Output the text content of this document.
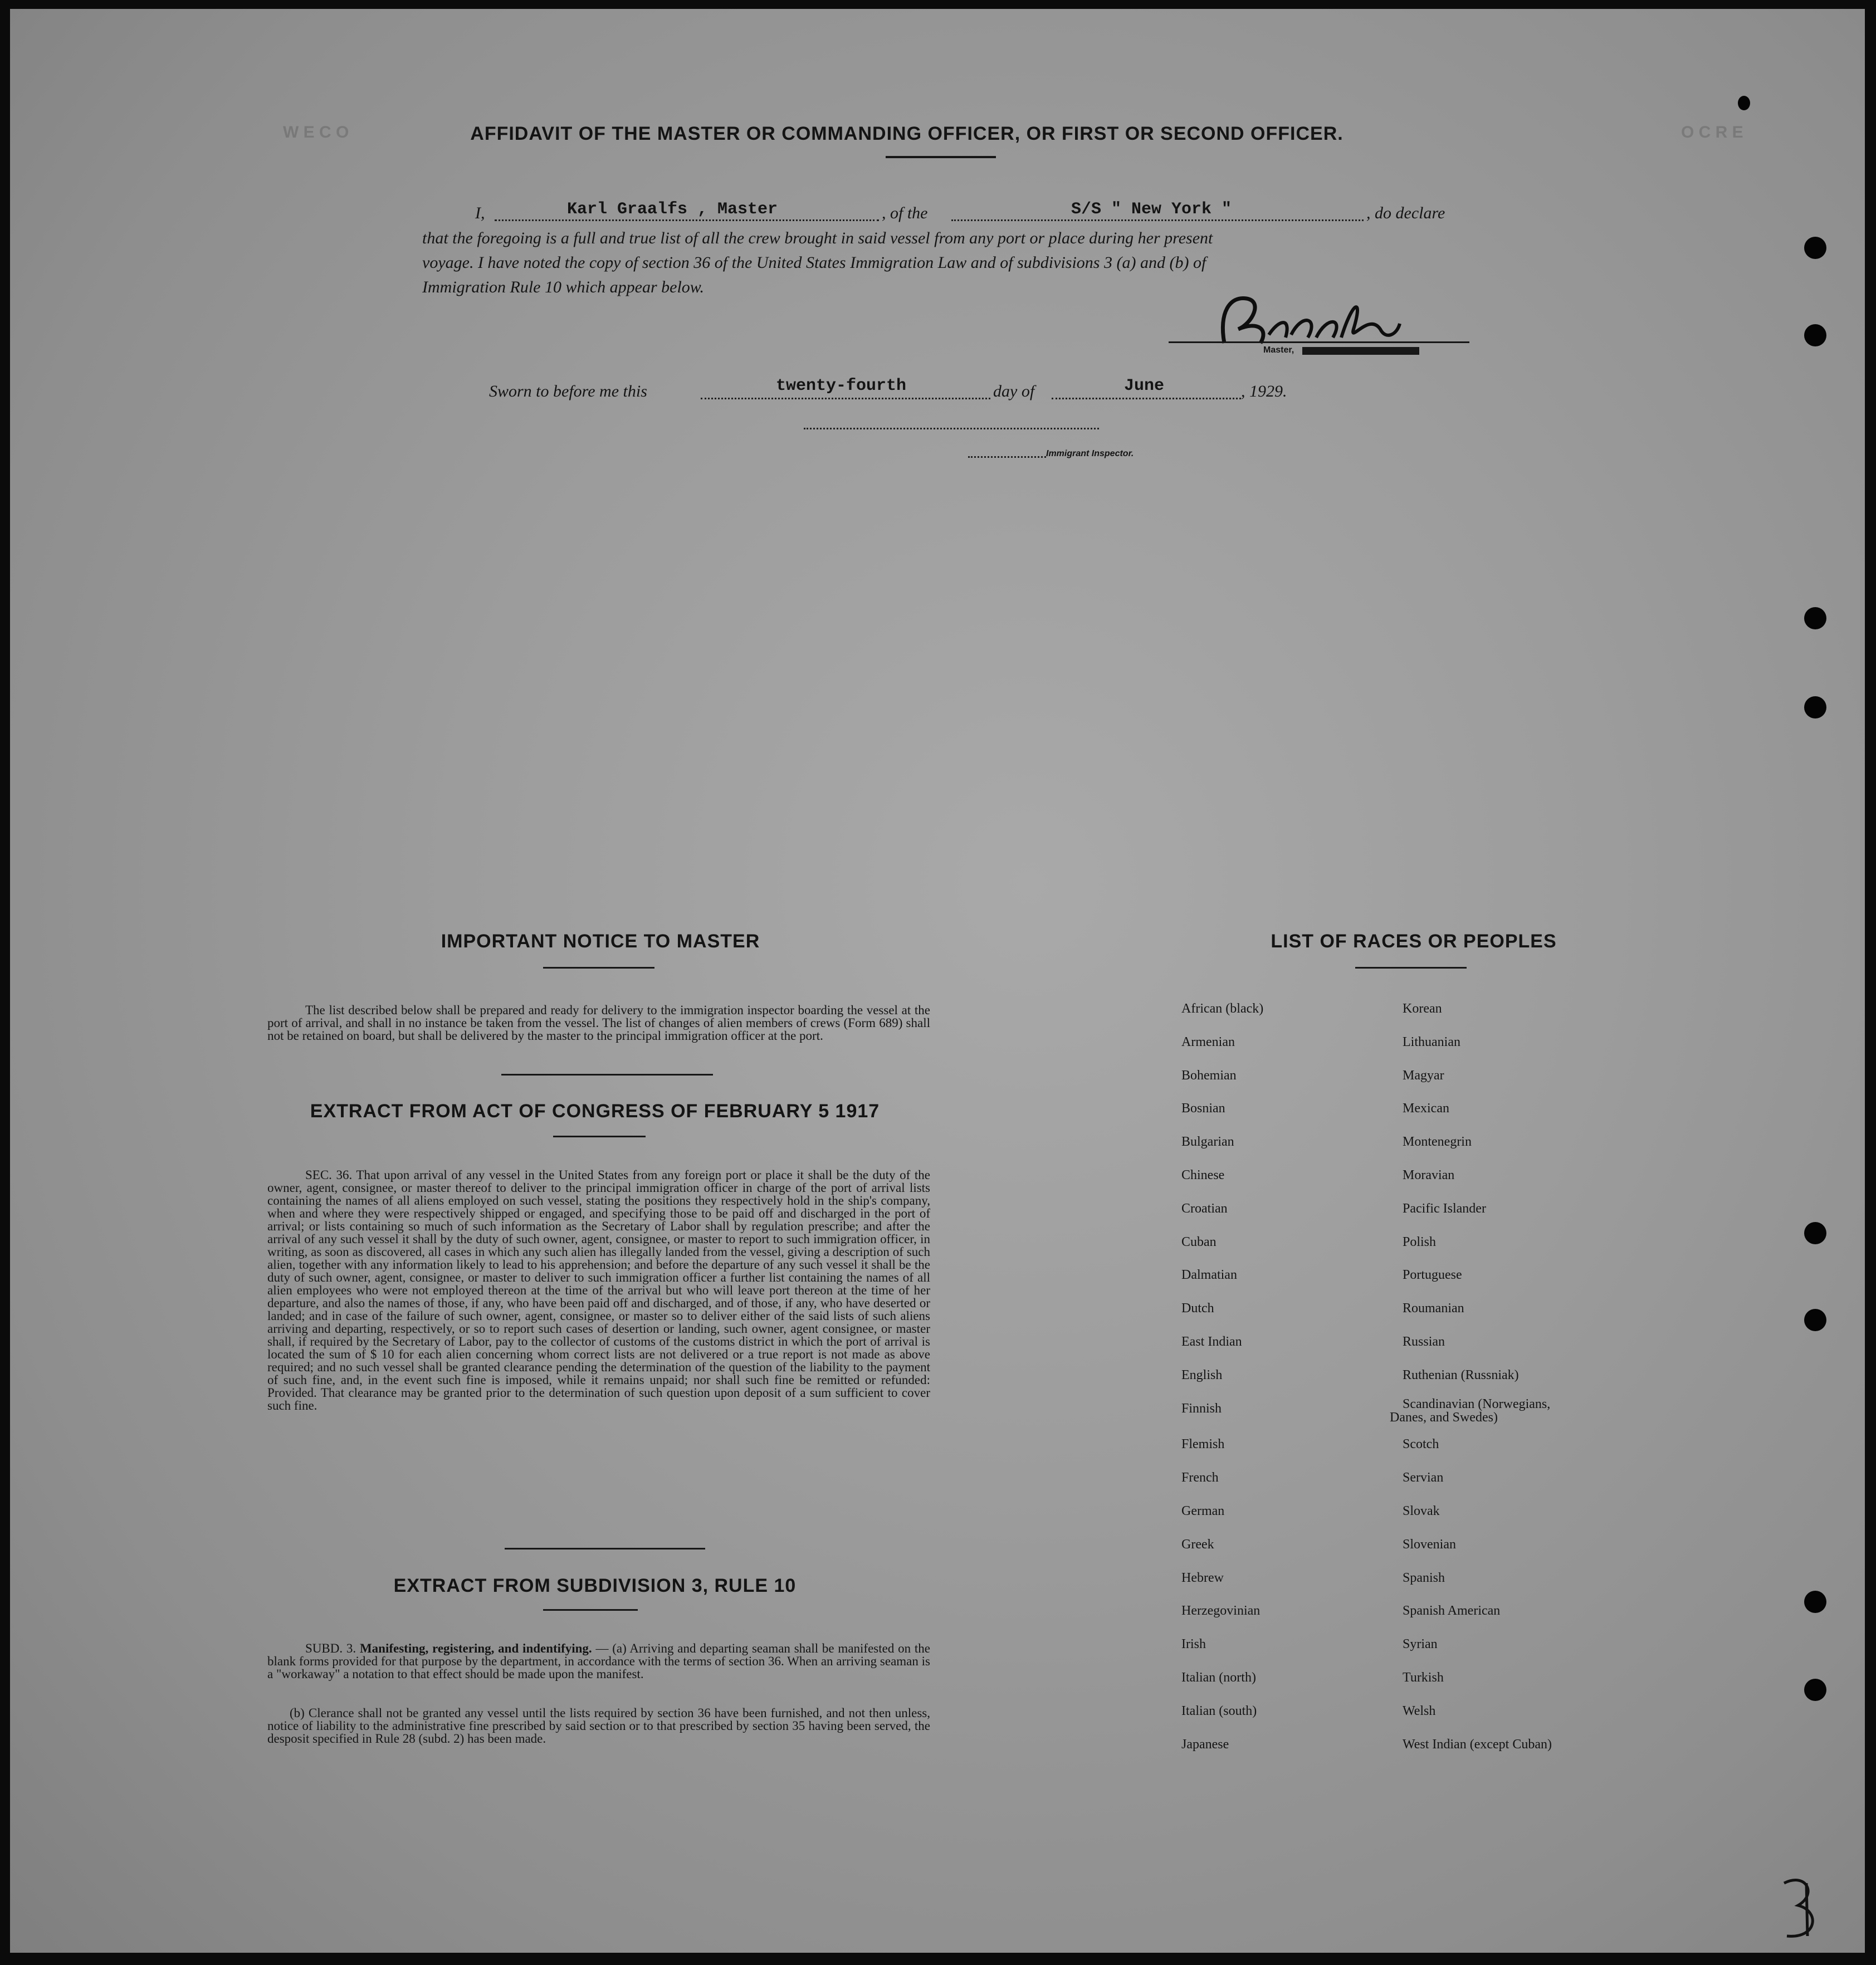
W E C O	O C R E
AFFIDAVIT OF THE MASTER OR COMMANDING OFFICER, OR FIRST OR SECOND OFFICER.
I,	Karl Graalfs , Master	, of the	S/S " New York "	, do declare
that the foregoing is a full and true list of all the crew brought in said vessel from any port or place during her present
voyage. I have noted the copy of section 36 of the United States Immigration Law and of subdivisions 3 (a) and (b) of
Immigration Rule 10 which appear below.
Master,
Sworn to before me this	twenty-fourth	day of	June	, 1929.
Immigrant Inspector.
IMPORTANT NOTICE TO MASTER
The list described below shall be prepared and ready for delivery to the immigration inspector boarding the vessel at the port of arrival, and shall in no instance be taken from the vessel. The list of changes of alien members of crews (Form 689) shall not be retained on board, but shall be delivered by the master to the principal immigration officer at the port.
EXTRACT FROM ACT OF CONGRESS OF FEBRUARY 5 1917
SEC. 36. That upon arrival of any vessel in the United States from any foreign port or place it shall be the duty of the owner, agent, consignee, or master thereof to deliver to the principal immigration officer in charge of the port of arrival lists containing the names of all aliens employed on such vessel, stating the positions they respectively hold in the ship's company, when and where they were respectively shipped or engaged, and specifying those to be paid off and discharged in the port of arrival; or lists containing so much of such information as the Secretary of Labor shall by regulation prescribe; and after the arrival of any such vessel it shall by the duty of such owner, agent, consignee, or master to report to such immigration officer, in writing, as soon as discovered, all cases in which any such alien has illegally landed from the vessel, giving a description of such alien, together with any information likely to lead to his apprehension; and before the departure of any such vessel it shall be the duty of such owner, agent, consignee, or master to deliver to such immigration officer a further list containing the names of all alien employees who were not employed thereon at the time of the arrival but who will leave port thereon at the time of her departure, and also the names of those, if any, who have been paid off and discharged, and of those, if any, who have deserted or landed; and in case of the failure of such owner, agent, consignee, or master so to deliver either of the said lists of such aliens arriving and departing, respectively, or so to report such cases of desertion or landing, such owner, agent consignee, or master shall, if required by the Secretary of Labor, pay to the collector of customs of the customs district in which the port of arrival is located the sum of $ 10 for each alien concerning whom correct lists are not delivered or a true report is not made as above required; and no such vessel shall be granted clearance pending the determination of the question of the liability to the payment of such fine, and, in the event such fine is imposed, while it remains unpaid; nor shall such fine be remitted or refunded: Provided. That clearance may be granted prior to the determination of such question upon deposit of a sum sufficient to cover such fine.
EXTRACT FROM SUBDIVISION 3, RULE 10
SUBD. 3. Manifesting, registering, and indentifying. — (a) Arriving and departing seaman shall be manifested on the blank forms provided for that purpose by the department, in accordance with the terms of section 36. When an arriving seaman is a "workaway" a notation to that effect should be made upon the manifest.
(b) Clerance shall not be granted any vessel until the lists required by section 36 have been furnished, and not then unless, notice of liability to the administrative fine prescribed by said section or to that prescribed by section 35 having been served, the desposit specified in Rule 28 (subd. 2) has been made.
LIST OF RACES OR PEOPLES
African (black)
Armenian
Bohemian
Bosnian
Bulgarian
Chinese
Croatian
Cuban
Dalmatian
Dutch
East Indian
English
Finnish
Flemish
French
German
Greek
Hebrew
Herzegovinian
Irish
Italian (north)
Italian (south)
Japanese
Korean
Lithuanian
Magyar
Mexican
Montenegrin
Moravian
Pacific Islander
Polish
Portuguese
Roumanian
Russian
Ruthenian (Russniak)
Scandinavian (Norwegians,
Danes, and Swedes)
Scotch
Servian
Slovak
Slovenian
Spanish
Spanish American
Syrian
Turkish
Welsh
West Indian (except Cuban)
